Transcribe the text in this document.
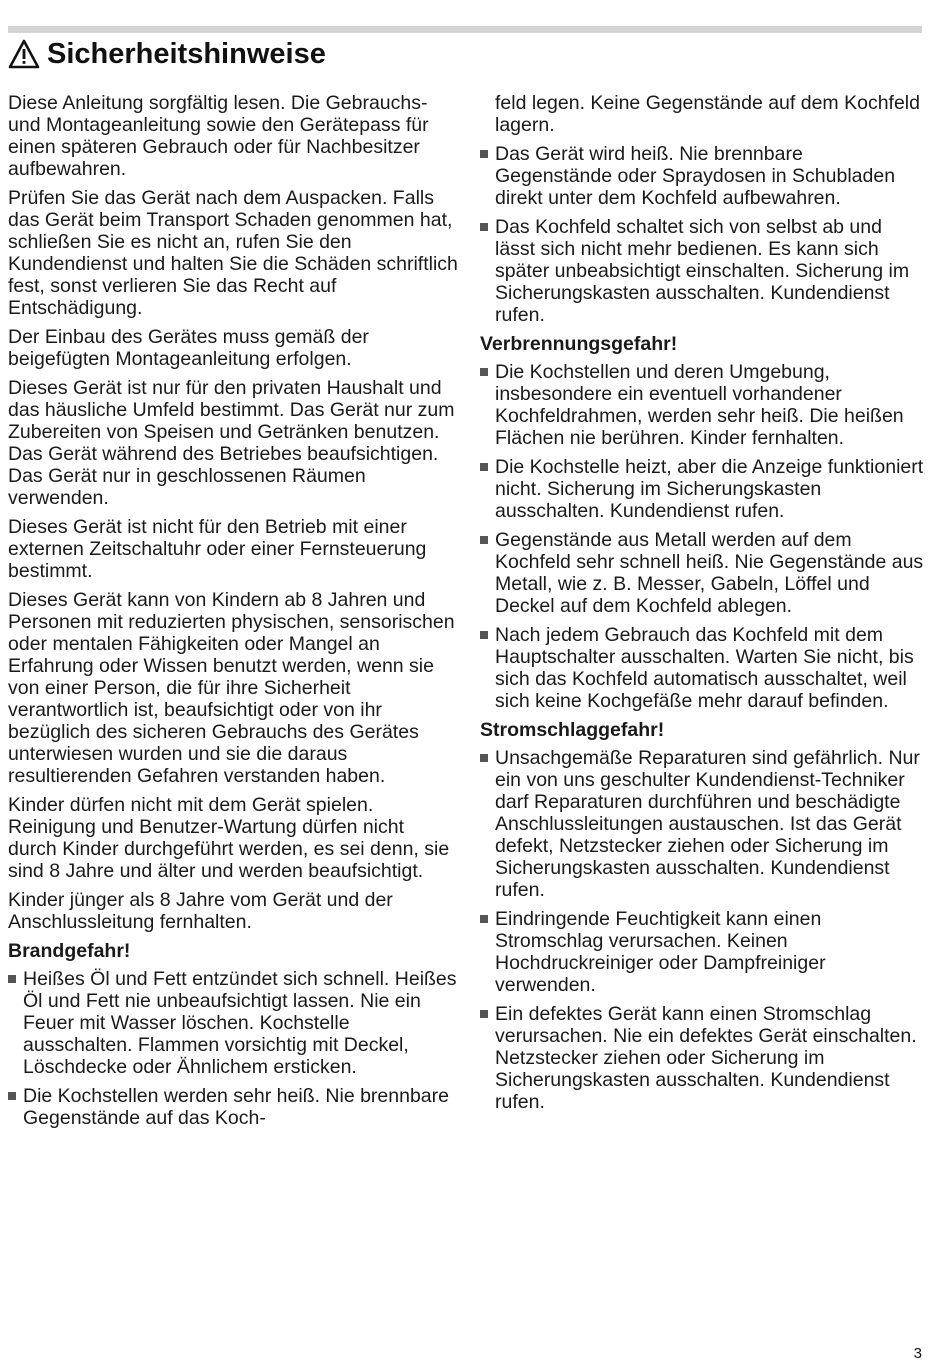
Sicherheitshinweise

Diese Anleitung sorgfältig lesen. Die Gebrauchs- und Montageanleitung sowie den Gerätepass für einen späteren Gebrauch oder für Nachbesitzer aufbewahren.

Prüfen Sie das Gerät nach dem Auspacken. Falls das Gerät beim Transport Schaden genommen hat, schließen Sie es nicht an, rufen Sie den Kundendienst und halten Sie die Schäden schriftlich fest, sonst verlieren Sie das Recht auf Entschädigung.

Der Einbau des Gerätes muss gemäß der beigefügten Montageanleitung erfolgen.

Dieses Gerät ist nur für den privaten Haushalt und das häusliche Umfeld bestimmt. Das Gerät nur zum Zubereiten von Speisen und Getränken benutzen. Das Gerät während des Betriebes beaufsichtigen. Das Gerät nur in geschlossenen Räumen verwenden.

Dieses Gerät ist nicht für den Betrieb mit einer externen Zeitschaltuhr oder einer Fernsteuerung bestimmt.

Dieses Gerät kann von Kindern ab 8 Jahren und Personen mit reduzierten physischen, sensorischen oder mentalen Fähigkeiten oder Mangel an Erfahrung oder Wissen benutzt werden, wenn sie von einer Person, die für ihre Sicherheit verantwortlich ist, beaufsichtigt oder von ihr bezüglich des sicheren Gebrauchs des Gerätes unterwiesen wurden und sie die daraus resultierenden Gefahren verstanden haben.

Kinder dürfen nicht mit dem Gerät spielen. Reinigung und Benutzer-Wartung dürfen nicht durch Kinder durchgeführt werden, es sei denn, sie sind 8 Jahre und älter und werden beaufsichtigt.

Kinder jünger als 8 Jahre vom Gerät und der Anschlussleitung fernhalten.

Brandgefahr!
Heißes Öl und Fett entzündet sich schnell. Heißes Öl und Fett nie unbeaufsichtigt lassen. Nie ein Feuer mit Wasser löschen. Kochstelle ausschalten. Flammen vorsichtig mit Deckel, Löschdecke oder Ähnlichem ersticken.
Die Kochstellen werden sehr heiß. Nie brennbare Gegenstände auf das Koch-
feld legen. Keine Gegenstände auf dem Kochfeld lagern.
Das Gerät wird heiß. Nie brennbare Gegenstände oder Spraydosen in Schubladen direkt unter dem Kochfeld aufbewahren.
Das Kochfeld schaltet sich von selbst ab und lässt sich nicht mehr bedienen. Es kann sich später unbeabsichtigt einschalten. Sicherung im Sicherungskasten ausschalten. Kundendienst rufen.
Verbrennungsgefahr!
Die Kochstellen und deren Umgebung, insbesondere ein eventuell vorhandener Kochfeldrahmen, werden sehr heiß. Die heißen Flächen nie berühren. Kinder fernhalten.
Die Kochstelle heizt, aber die Anzeige funktioniert nicht. Sicherung im Sicherungskasten ausschalten. Kundendienst rufen.
Gegenstände aus Metall werden auf dem Kochfeld sehr schnell heiß. Nie Gegenstände aus Metall, wie z. B. Messer, Gabeln, Löffel und Deckel auf dem Kochfeld ablegen.
Nach jedem Gebrauch das Kochfeld mit dem Hauptschalter ausschalten. Warten Sie nicht, bis sich das Kochfeld automatisch ausschaltet, weil sich keine Kochgefäße mehr darauf befinden.
Stromschlaggefahr!
Unsachgemäße Reparaturen sind gefährlich. Nur ein von uns geschulter Kundendienst-Techniker darf Reparaturen durchführen und beschädigte Anschlussleitungen austauschen. Ist das Gerät defekt, Netzstecker ziehen oder Sicherung im Sicherungskasten ausschalten. Kundendienst rufen.
Eindringende Feuchtigkeit kann einen Stromschlag verursachen. Keinen Hochdruckreiniger oder Dampfreiniger verwenden.
Ein defektes Gerät kann einen Stromschlag verursachen. Nie ein defektes Gerät einschalten. Netzstecker ziehen oder Sicherung im Sicherungskasten ausschalten. Kundendienst rufen.
3
